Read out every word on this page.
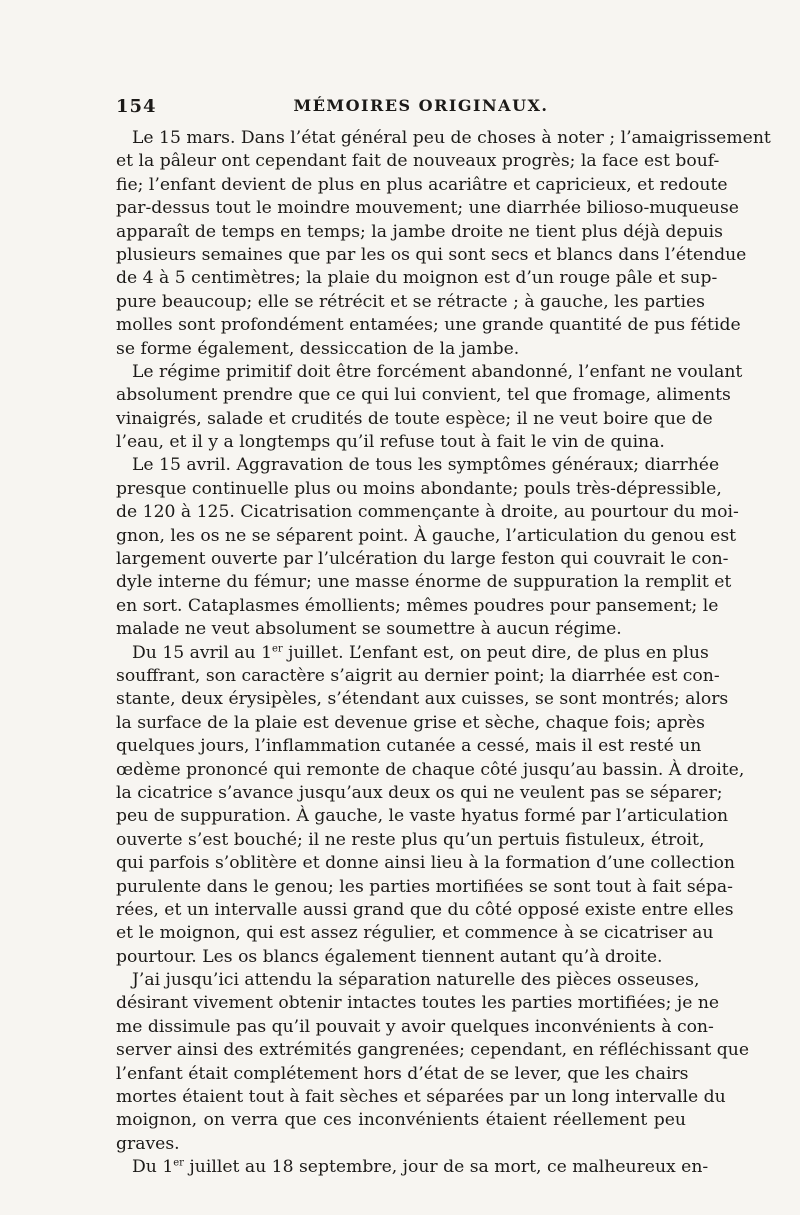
154	MÉMOIRES ORIGINAUX.
Le 15 mars. Dans l’état général peu de choses à noter ; l’amaigrissement
et la pâleur ont cependant fait de nouveaux progrès; la face est bouf-
fie; l’enfant devient de plus en plus acariâtre et capricieux, et redoute
par-dessus tout le moindre mouvement; une diarrhée bilioso-muqueuse
apparaît de temps en temps; la jambe droite ne tient plus déjà depuis
plusieurs semaines que par les os qui sont secs et blancs dans l’étendue
de 4 à 5 centimètres; la plaie du moignon est d’un rouge pâle et sup-
pure beaucoup; elle se rétrécit et se rétracte ; à gauche, les parties
molles sont profondément entamées; une grande quantité de pus fétide
se forme également, dessiccation de la jambe.
Le régime primitif doit être forcément abandonné, l’enfant ne voulant
absolument prendre que ce qui lui convient, tel que fromage, aliments
vinaigrés, salade et crudités de toute espèce; il ne veut boire que de
l’eau, et il y a longtemps qu’il refuse tout à fait le vin de quina.
Le 15 avril. Aggravation de tous les symptômes généraux; diarrhée
presque continuelle plus ou moins abondante; pouls très-dépressible,
de 120 à 125. Cicatrisation commençante à droite, au pourtour du moi-
gnon, les os ne se séparent point. À gauche, l’articulation du genou est
largement ouverte par l’ulcération du large feston qui couvrait le con-
dyle interne du fémur; une masse énorme de suppuration la remplit et
en sort. Cataplasmes émollients; mêmes poudres pour pansement; le
malade ne veut absolument se soumettre à aucun régime.
Du 15 avril au 1er juillet. L’enfant est, on peut dire, de plus en plus
souffrant, son caractère s’aigrit au dernier point; la diarrhée est con-
stante, deux érysipèles, s’étendant aux cuisses, se sont montrés; alors
la surface de la plaie est devenue grise et sèche, chaque fois; après
quelques jours, l’inflammation cutanée a cessé, mais il est resté un
œdème prononcé qui remonte de chaque côté jusqu’au bassin. À droite,
la cicatrice s’avance jusqu’aux deux os qui ne veulent pas se séparer;
peu de suppuration. À gauche, le vaste hyatus formé par l’articulation
ouverte s’est bouché; il ne reste plus qu’un pertuis fistuleux, étroit,
qui parfois s’oblitère et donne ainsi lieu à la formation d’une collection
purulente dans le genou; les parties mortifiées se sont tout à fait sépa-
rées, et un intervalle aussi grand que du côté opposé existe entre elles
et le moignon, qui est assez régulier, et commence à se cicatriser au
pourtour. Les os blancs également tiennent autant qu’à droite.
J’ai jusqu’ici attendu la séparation naturelle des pièces osseuses,
désirant vivement obtenir intactes toutes les parties mortifiées; je ne
me dissimule pas qu’il pouvait y avoir quelques inconvénients à con-
server ainsi des extrémités gangrenées; cependant, en réfléchissant que
l’enfant était complétement hors d’état de se lever, que les chairs
mortes étaient tout à fait sèches et séparées par un long intervalle du
moignon, on verra que ces inconvénients étaient réellement peu
graves.
Du 1er juillet au 18 septembre, jour de sa mort, ce malheureux en-
